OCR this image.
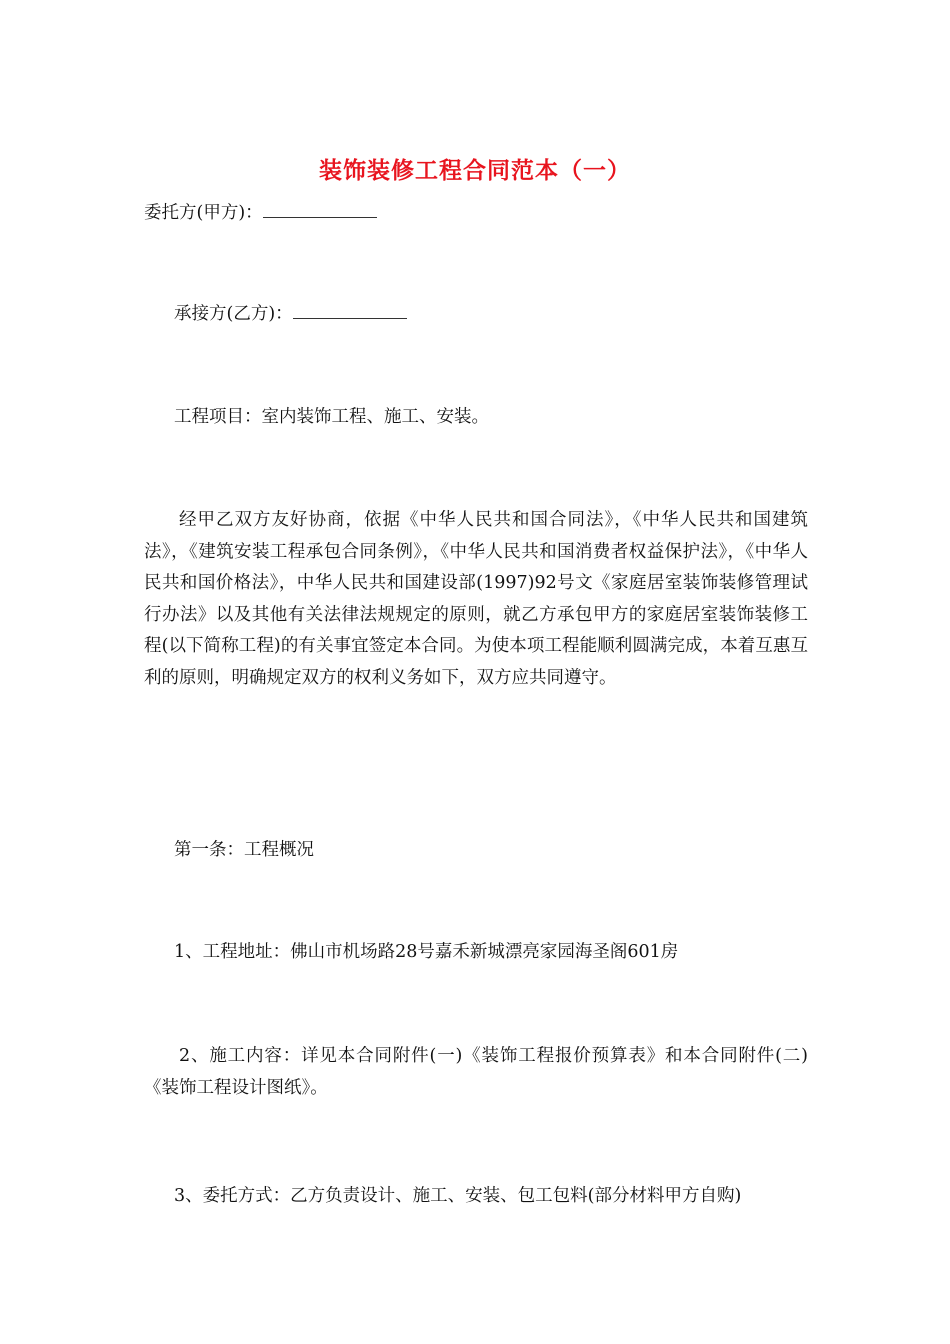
装饰装修工程合同范本（一）
委托方(甲方)：
承接方(乙方)：
工程项目：室内装饰工程、施工、安装。
经甲乙双方友好协商，依据《中华人民共和国合同法》，《中华人民共和国建筑法》，《建筑安装工程承包合同条例》，《中华人民共和国消费者权益保护法》，《中华人民共和国价格法》，中华人民共和国建设部(1997)92号文《家庭居室装饰装修管理试行办法》以及其他有关法律法规规定的原则，就乙方承包甲方的家庭居室装饰装修工程(以下简称工程)的有关事宜签定本合同。为使本项工程能顺利圆满完成，本着互惠互利的原则，明确规定双方的权利义务如下，双方应共同遵守。
第一条：工程概况
1、工程地址：佛山市机场路28号嘉禾新城漂亮家园海圣阁601房
2、施工内容：详见本合同附件(一)《装饰工程报价预算表》和本合同附件(二)《装饰工程设计图纸》。
3、委托方式：乙方负责设计、施工、安装、包工包料(部分材料甲方自购)
